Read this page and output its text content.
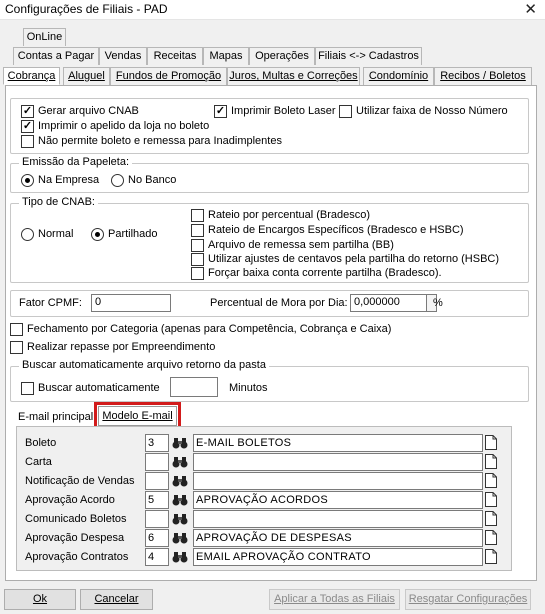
Configurações de Filiais - PAD	✕
OnLine
Contas a Pagar Vendas	Receitas	Mapas	Operações Filiais <-> Cadastros
Cobrança	Aluguel	Fundos de Promoção Juros, Multas e Correções	Condomínio	Recibos / Boletos
✓ Gerar arquivo CNAB	✓ Imprimir Boleto Laser Utilizar faixa de Nosso Número
✓ Imprimir o apelido da loja no boleto
Não permite boleto e remessa para Inadimplentes
Emissão da Papeleta:
Na Empresa	No Banco
Tipo de CNAB:
Normal	Partilhado
Rateio por percentual (Bradesco)
Rateio de Encargos Específicos (Bradesco e HSBC)
Arquivo de remessa sem partilha (BB)
Utilizar ajustes de centavos pela partilha do retorno (HSBC)
Forçar baixa conta corrente partilha (Bradesco).
Fator CPMF:	0	Percentual de Mora por Dia: 0,000000	%
Fechamento por Categoria (apenas para Competência, Cobrança e Caixa)
Realizar repasse por Empreendimento
Buscar automaticamente arquivo retorno da pasta
Buscar automaticamente	Minutos
E-mail principal Modelo E-mail
Boleto	3	E-MAIL BOLETOS
Carta
Notificação de Vendas
Aprovação Acordo	5	APROVAÇÃO ACORDOS
Comunicado Boletos
Aprovação Despesa 6	APROVAÇÃO DE DESPESAS
Aprovação Contratos 4	EMAIL APROVAÇÃO CONTRATO
Ok	Cancelar	Aplicar a Todas as Filiais	Resgatar Configurações
